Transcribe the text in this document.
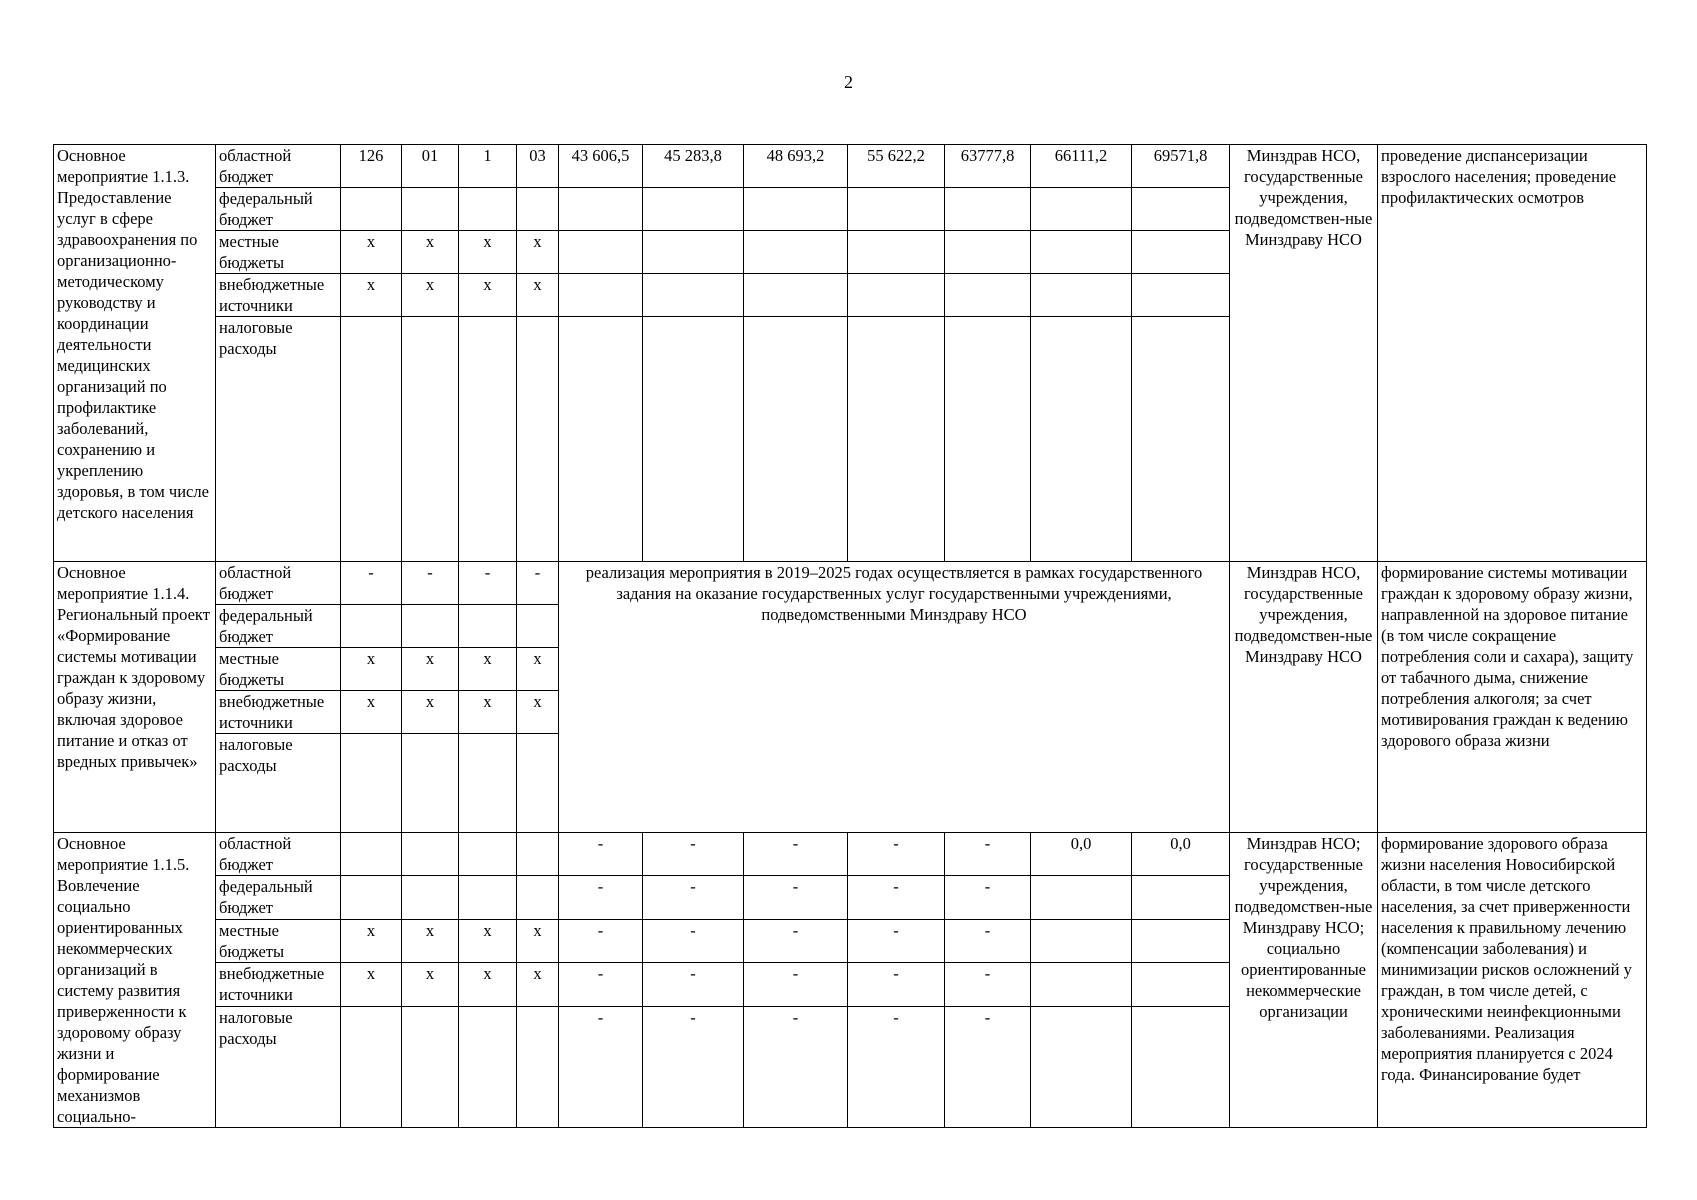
2
Основное мероприятие 1.1.3. Предоставление услуг в сфере здравоохранения по организационно-методическому руководству и координации деятельности медицинских организаций по профилактике заболеваний, сохранению и укреплению здоровья, в том числе детского населения	областной бюджет	126	01	1	03	43 606,5	45 283,8	48 693,2	55 622,2	63777,8	66111,2	69571,8	Минздрав НСО, государственные учреждения, подведомствен-ные Минздраву НСО	проведение диспансеризации взрослого населения; проведение профилактических осмотров
	федеральный бюджет													
	местные бюджеты	x	x	x	x									
	внебюджетные источники	x	x	x	x									
	налоговые расходы													
Основное мероприятие 1.1.4. Региональный проект «Формирование системы мотивации граждан к здоровому образу жизни, включая здоровое питание и отказ от вредных привычек»	областной бюджет	-	-	-	-	реализация мероприятия в 2019–2025 годах осуществляется в рамках государственного задания на оказание государственных услуг государственными учреждениями, подведомственными Минздраву НСО							Минздрав НСО, государственные учреждения, подведомствен-ные Минздраву НСО	формирование системы мотивации граждан к здоровому образу жизни, направленной на здоровое питание (в том числе сокращение потребления соли и сахара), защиту от табачного дыма, снижение потребления алкоголя; за счет мотивирования граждан к ведению здорового образа жизни
	федеральный бюджет													
	местные бюджеты	x	x	x	x									
	внебюджетные источники	x	x	x	x									
	налоговые расходы													
Основное мероприятие 1.1.5. Вовлечение социально ориентированных некоммерческих организаций в систему развития приверженности к здоровому образу жизни и формирование механизмов социально-	областной бюджет					-	-	-	-	-	0,0	0,0	Минздрав НСО; государственные учреждения, подведомствен-ные Минздраву НСО; социально ориентированные некоммерческие организации	формирование здорового образа жизни населения Новосибирской области, в том числе детского населения, за счет приверженности населения к правильному лечению (компенсации заболевания) и минимизации рисков осложнений у граждан, в том числе детей, с хроническими неинфекционными заболеваниями. Реализация мероприятия планируется с 2024 года. Финансирование будет
	федеральный бюджет					-	-	-	-	-				
	местные бюджеты	x	x	x	x	-	-	-	-	-				
	внебюджетные источники	x	x	x	x	-	-	-	-	-				
	налоговые расходы					-	-	-	-	-				
